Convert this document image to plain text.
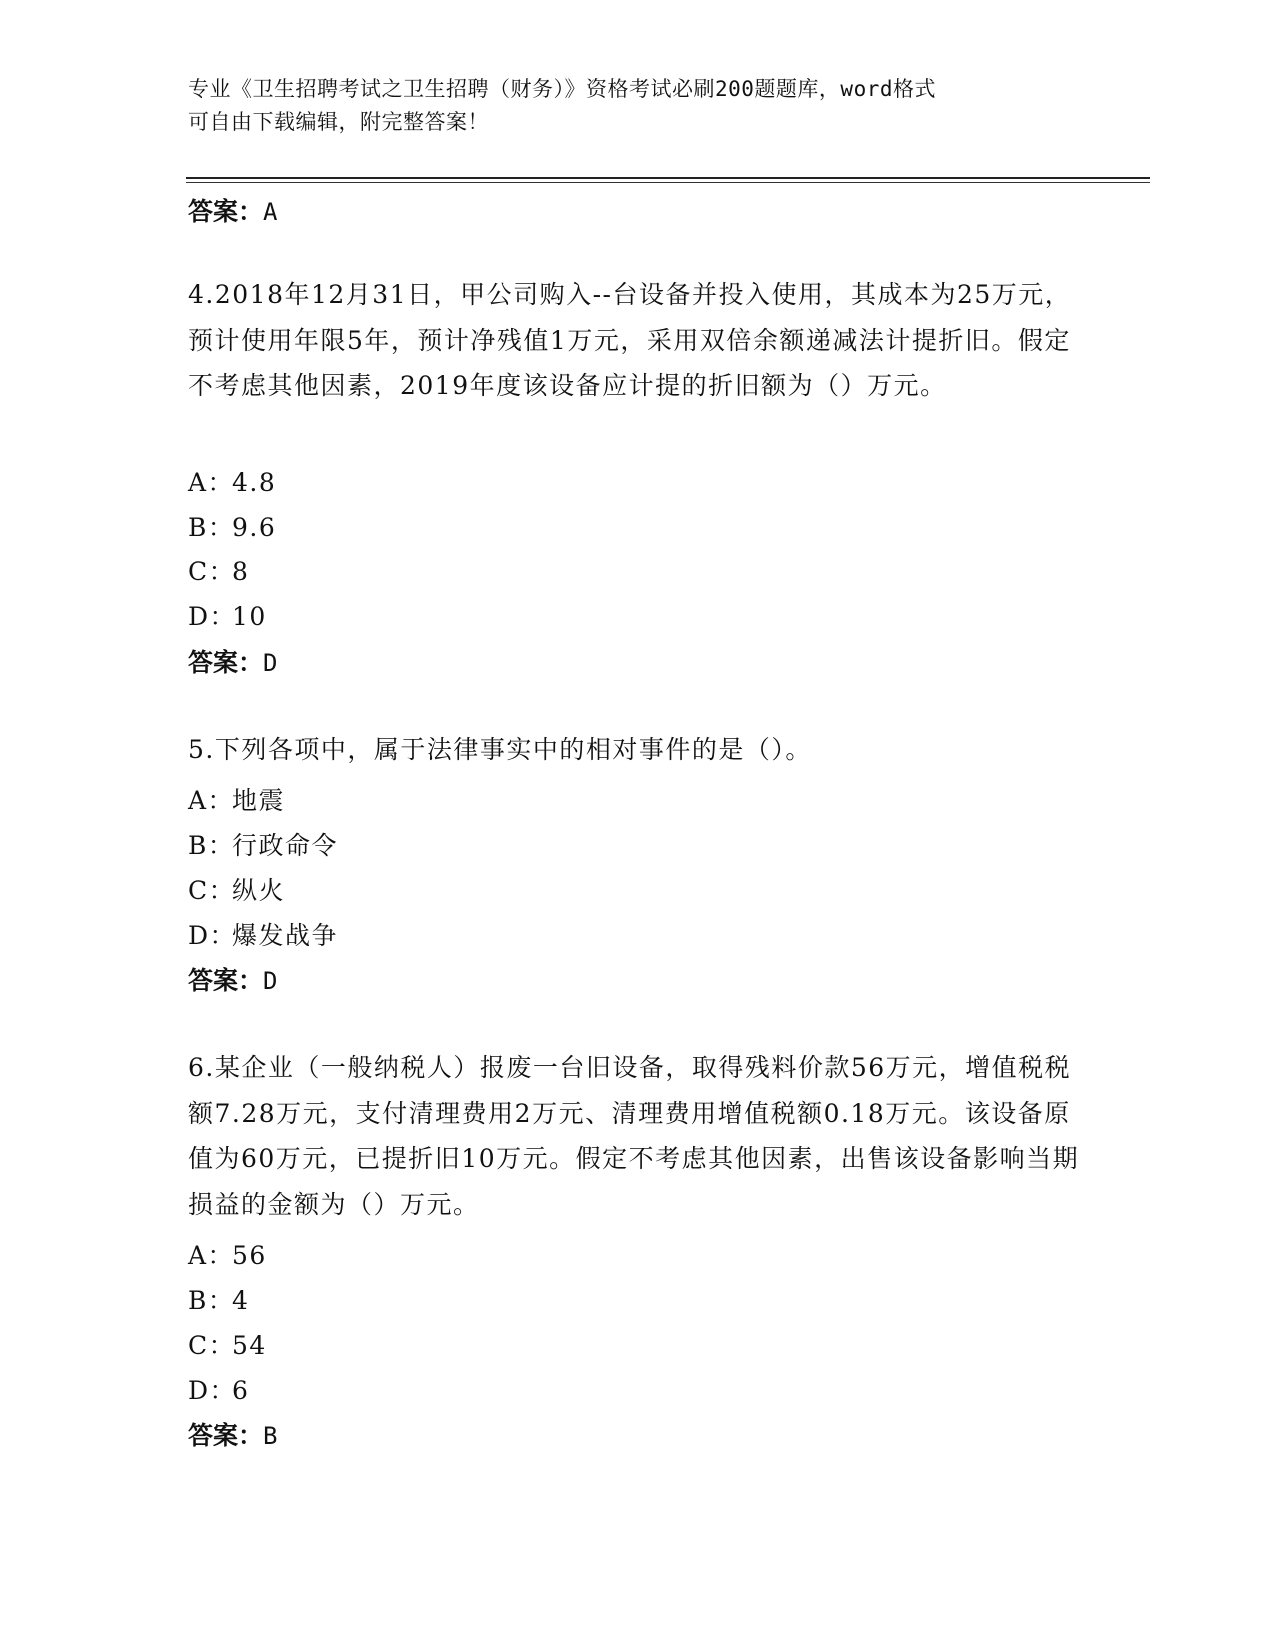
专业《卫生招聘考试之卫生招聘（财务）》资格考试必刷200题题库，word格式
可自由下载编辑，附完整答案！
答案：A

4.2018年12月31日，甲公司购入--台设备并投入使用，其成本为25万元，预计使用年限5年，预计净残值1万元，采用双倍余额递减法计提折旧。假定不考虑其他因素，2019年度该设备应计提的折旧额为（）万元。

A：4.8
B：9.6
C：8
D：10
答案：D

5.下列各项中，属于法律事实中的相对事件的是（）。

A：地震
B：行政命令
C：纵火
D：爆发战争
答案：D

6.某企业（一般纳税人）报废一台旧设备，取得残料价款56万元，增值税税额7.28万元，支付清理费用2万元、清理费用增值税额0.18万元。该设备原值为60万元，已提折旧10万元。假定不考虑其他因素，出售该设备影响当期损益的金额为（）万元。

A：56
B：4
C：54
D：6
答案：B
